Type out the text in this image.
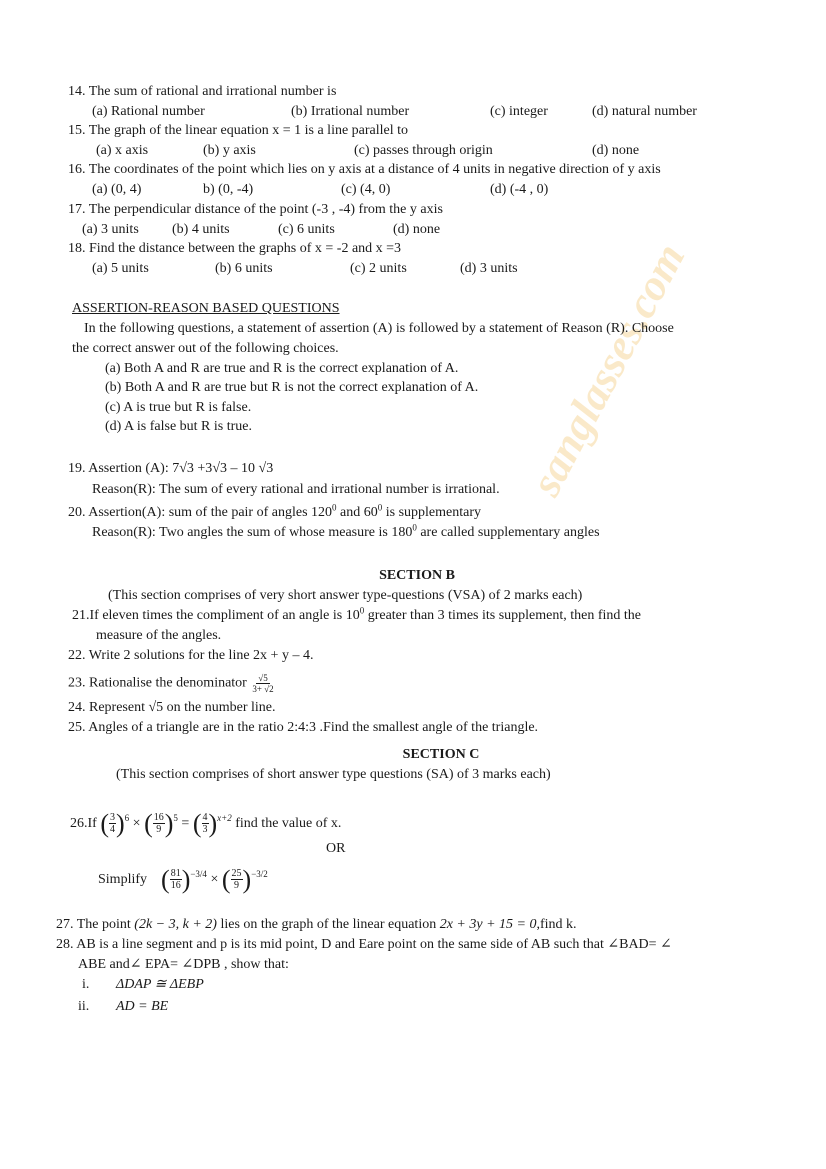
sanglasses.com
14. The sum of rational and irrational number is
(a) Rational number	(b) Irrational number	(c) integer	(d) natural number
15. The graph of the linear equation x = 1 is a line parallel to
(a) x axis	(b) y axis	(c) passes through origin	(d) none
16. The coordinates of the point which lies on y axis at a distance of 4 units in negative direction of y axis
(a) (0, 4)	b) (0, -4)	(c) (4, 0)	(d) (-4 , 0)
17. The perpendicular distance of the point (-3 , -4) from the y axis
(a) 3 units (b) 4 units	(c) 6 units	(d) none
18. Find the distance between the graphs of x = -2 and x =3
(a) 5 units	(b) 6 units	(c) 2 units	(d) 3 units
ASSERTION-REASON BASED QUESTIONS
In the following questions, a statement of assertion (A) is followed by a statement of Reason (R). Choose
the correct answer out of the following choices.
(a) Both A and R are true and R is the correct explanation of A.
(b) Both A and R are true but R is not the correct explanation of A.
(c) A is true but R is false.
(d) A is false but R is true.
19. Assertion (A): 7√3 +3√3 – 10 √3
Reason(R): The sum of every rational and irrational number is irrational.
20. Assertion(A): sum of the pair of angles $120^0$ and $60^0$ is supplementary
Reason(R): Two angles the sum of whose measure is $180^0$ are called supplementary angles
SECTION B
(This section comprises of very short answer type-questions (VSA) of 2 marks each)
21.If eleven times the compliment of an angle is $10^0$ greater than 3 times its supplement, then find the
measure of the angles.
22. Write 2 solutions for the line 2x + y – 4.
23. Rationalise the denominator $\frac{√5}{3+ √2}$
24. Represent √5 on the number line.
25. Angles of a triangle are in the ratio 2:4:3 .Find the smallest angle of the triangle.
SECTION C
(This section comprises of short answer type questions (SA) of 3 marks each)
26.If ( $\frac{3}{4}$ ) $^6$ × ( $\frac{16}{9}$ ) $^5$ = ( $\frac{4}{3}$ ) $^{x+2}$ find the value of x.
OR
Simplify ( $\frac{81}{16}$ ) $^{-3/4}$ × ( $\frac{25}{9}$ ) $^{-3/2}$
27. The point (2k − 3, k + 2) lies on the graph of the linear equation 2x + 3y + 15 = 0,find k.
28. AB is a line segment and p is its mid point, D and Eare point on the same side of AB such that ∠BAD= ∠
ABE and∠ EPA= ∠DPB , show that:
i. ΔDAP ≅ ΔEBP
ii. AD = BE
